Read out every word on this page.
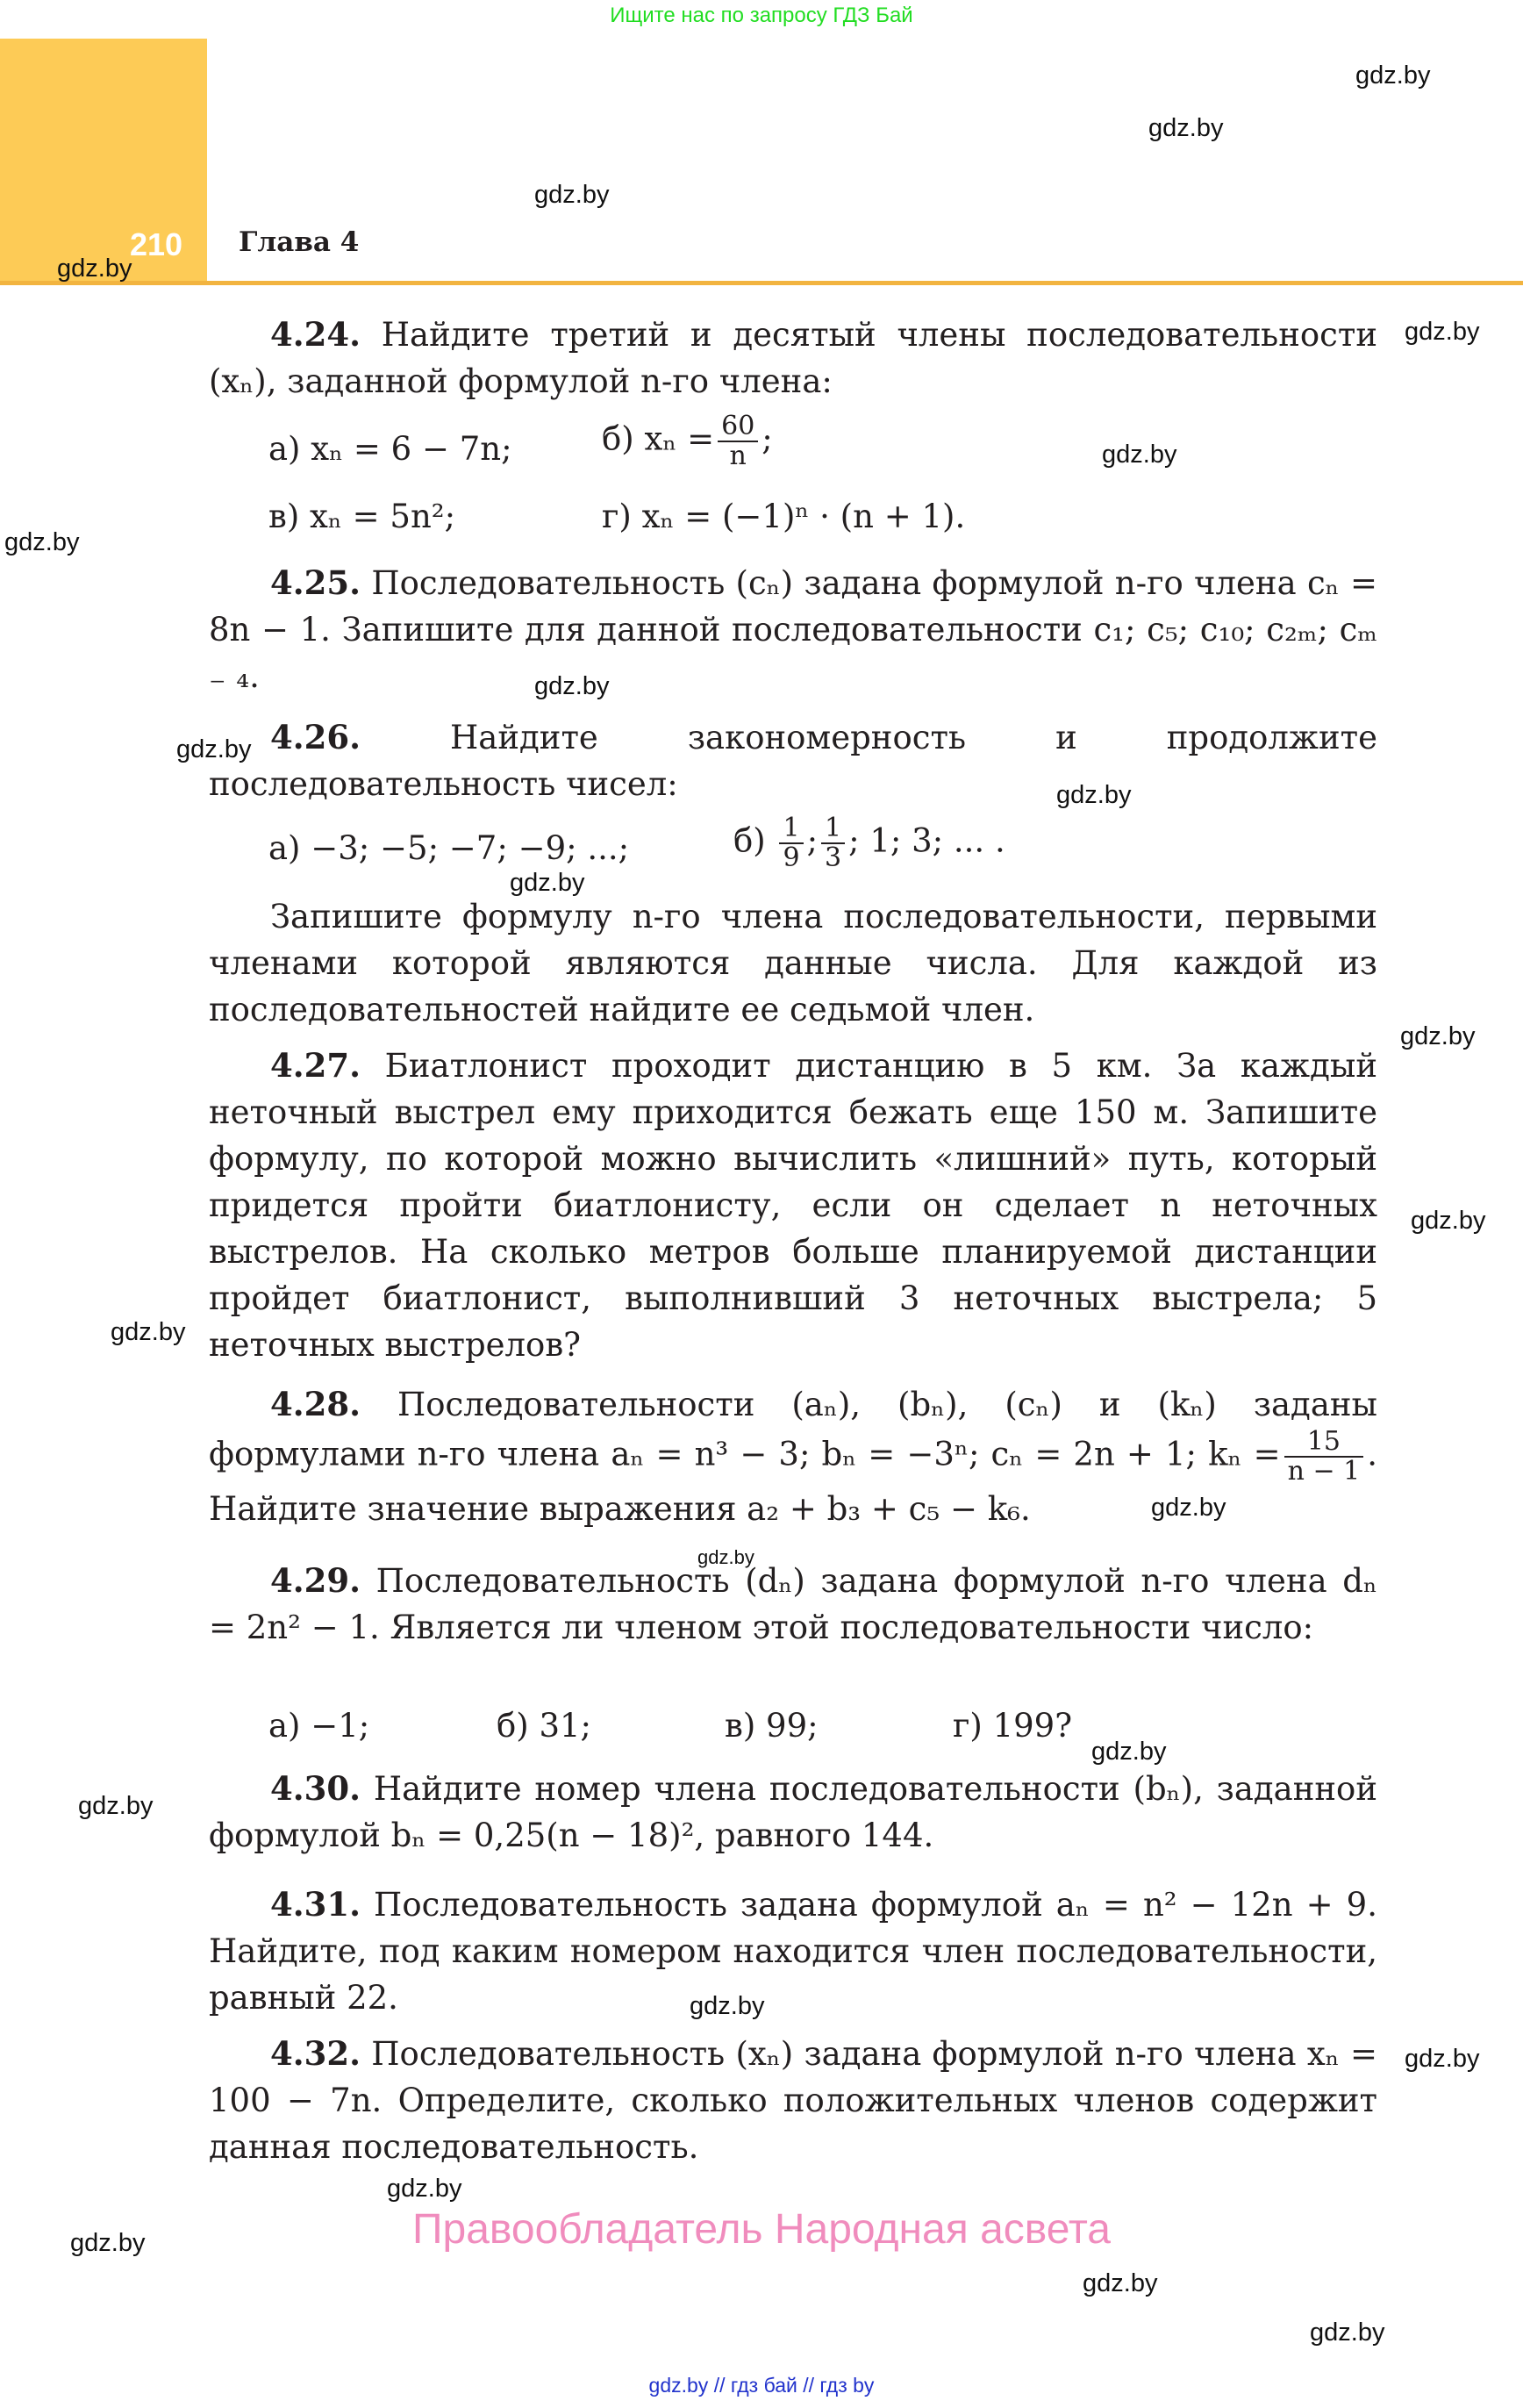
Ищите нас по запросу ГДЗ Бай
210 Глава 4
4.24. Найдите третий и десятый члены последовательности (xₙ), заданной формулой n-го члена:
а) xₙ = 6 − 7n;	б) $x_n = \frac{60}{n}$ ;
в) xₙ = 5n²;	г) xₙ = (−1)ⁿ · (n + 1).
4.25. Последовательность (cₙ) задана формулой n-го члена cₙ = 8n − 1. Запишите для данной последовательности c₁; c₅; c₁₀; c₂ₘ; cₘ ₋ ₄.
4.26.	Найдите закономерность и продолжите последовательность чисел:
а) −3; −5; −7; −9; ...;	$б) \frac{1}{9}$ ; $\frac{1}{3}$ ; 1; 3; ... .
Запишите формулу n-го члена последовательности, первыми членами которой являются данные числа. Для каждой из последовательностей найдите ее седьмой член.
4.27. Биатлонист проходит дистанцию в 5 км. За каждый неточный выстрел ему приходится бежать еще 150 м. Запишите формулу, по которой можно вычислить «лишний» путь, который придется пройти биатлонисту, если он сделает n неточных выстрелов. На сколько метров больше планируемой дистанции пройдет биатлонист, выполнивший 3 неточных выстрела; 5 неточных выстрелов?
4.28. Последовательности (aₙ), (bₙ), (cₙ) и (kₙ) заданы формулами n-го члена aₙ = n³ − 3; bₙ = −3ⁿ; cₙ = 2n + 1; $k_n = \frac{15}{n - 1}$ . Найдите значение выражения a₂ + b₃ + c₅ − k₆.
4.29. Последовательность (dₙ) задана формулой n-го члена dₙ = 2n² − 1. Является ли членом этой последовательности число:
а) −1;	б) 31;	в) 99;	г) 199?
4.30. Найдите номер члена последовательности (bₙ), заданной формулой bₙ = 0,25(n − 18)², равного 144.
4.31. Последовательность задана формулой aₙ = n² − 12n + 9. Найдите, под каким номером находится член последовательности, равный 22.
4.32. Последовательность (xₙ) задана формулой n-го члена xₙ = 100 − 7n. Определите, сколько положительных членов содержит данная последовательность.
gdz.by
gdz.by
gdz.by
gdz.by
gdz.by
gdz.by
gdz.by
gdz.by
gdz.by
gdz.by
gdz.by
gdz.by
gdz.by
gdz.by
gdz.by
gdz.by
gdz.by
gdz.by
gdz.by
gdz.by
gdz.by
gdz.by
gdz.by
gdz.by
Правообладатель Народная асвета
gdz.by // гдз бай // гдз by
